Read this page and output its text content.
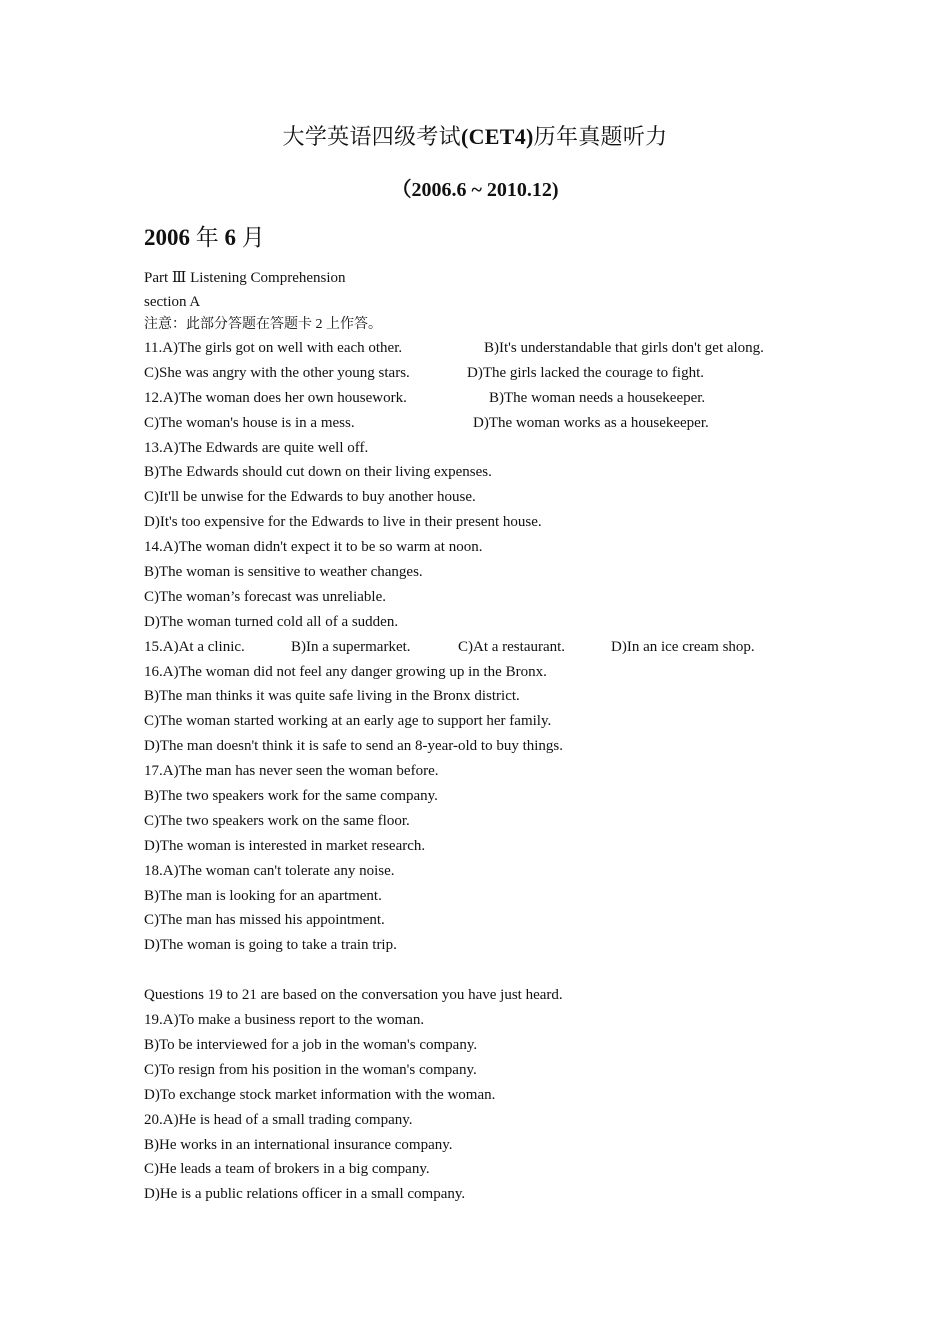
大学英语四级考试(CET4)历年真题听力
（2006.6 ~ 2010.12)
2006 年 6 月
Part Ⅲ Listening Comprehension
section A
注意：此部分答题在答题卡 2 上作答。
11.A)The girls got on well with each other.	B)It's understandable that girls don't get along.
C)She was angry with the other young stars.	D)The girls lacked the courage to fight.
12.A)The woman does her own housework.	B)The woman needs a housekeeper.
C)The woman's house is in a mess.	D)The woman works as a housekeeper.
13.A)The Edwards are quite well off.
B)The Edwards should cut down on their living expenses.
C)It'll be unwise for the Edwards to buy another house.
D)It's too expensive for the Edwards to live in their present house.
14.A)The woman didn't expect it to be so warm at noon.
B)The woman is sensitive to weather changes.
C)The woman’s forecast was unreliable.
D)The woman turned cold all of a sudden.
15.A)At a clinic.	B)In a supermarket.	C)At a restaurant.	D)In an ice cream shop.
16.A)The woman did not feel any danger growing up in the Bronx.
B)The man thinks it was quite safe living in the Bronx district.
C)The woman started working at an early age to support her family.
D)The man doesn't think it is safe to send an 8-year-old to buy things.
17.A)The man has never seen the woman before.
B)The two speakers work for the same company.
C)The two speakers work on the same floor.
D)The woman is interested in market research.
18.A)The woman can't tolerate any noise.
B)The man is looking for an apartment.
C)The man has missed his appointment.
D)The woman is going to take a train trip.
Questions 19 to 21 are based on the conversation you have just heard.
19.A)To make a business report to the woman.
B)To be interviewed for a job in the woman's company.
C)To resign from his position in the woman's company.
D)To exchange stock market information with the woman.
20.A)He is head of a small trading company.
B)He works in an international insurance company.
C)He leads a team of brokers in a big company.
D)He is a public relations officer in a small company.
